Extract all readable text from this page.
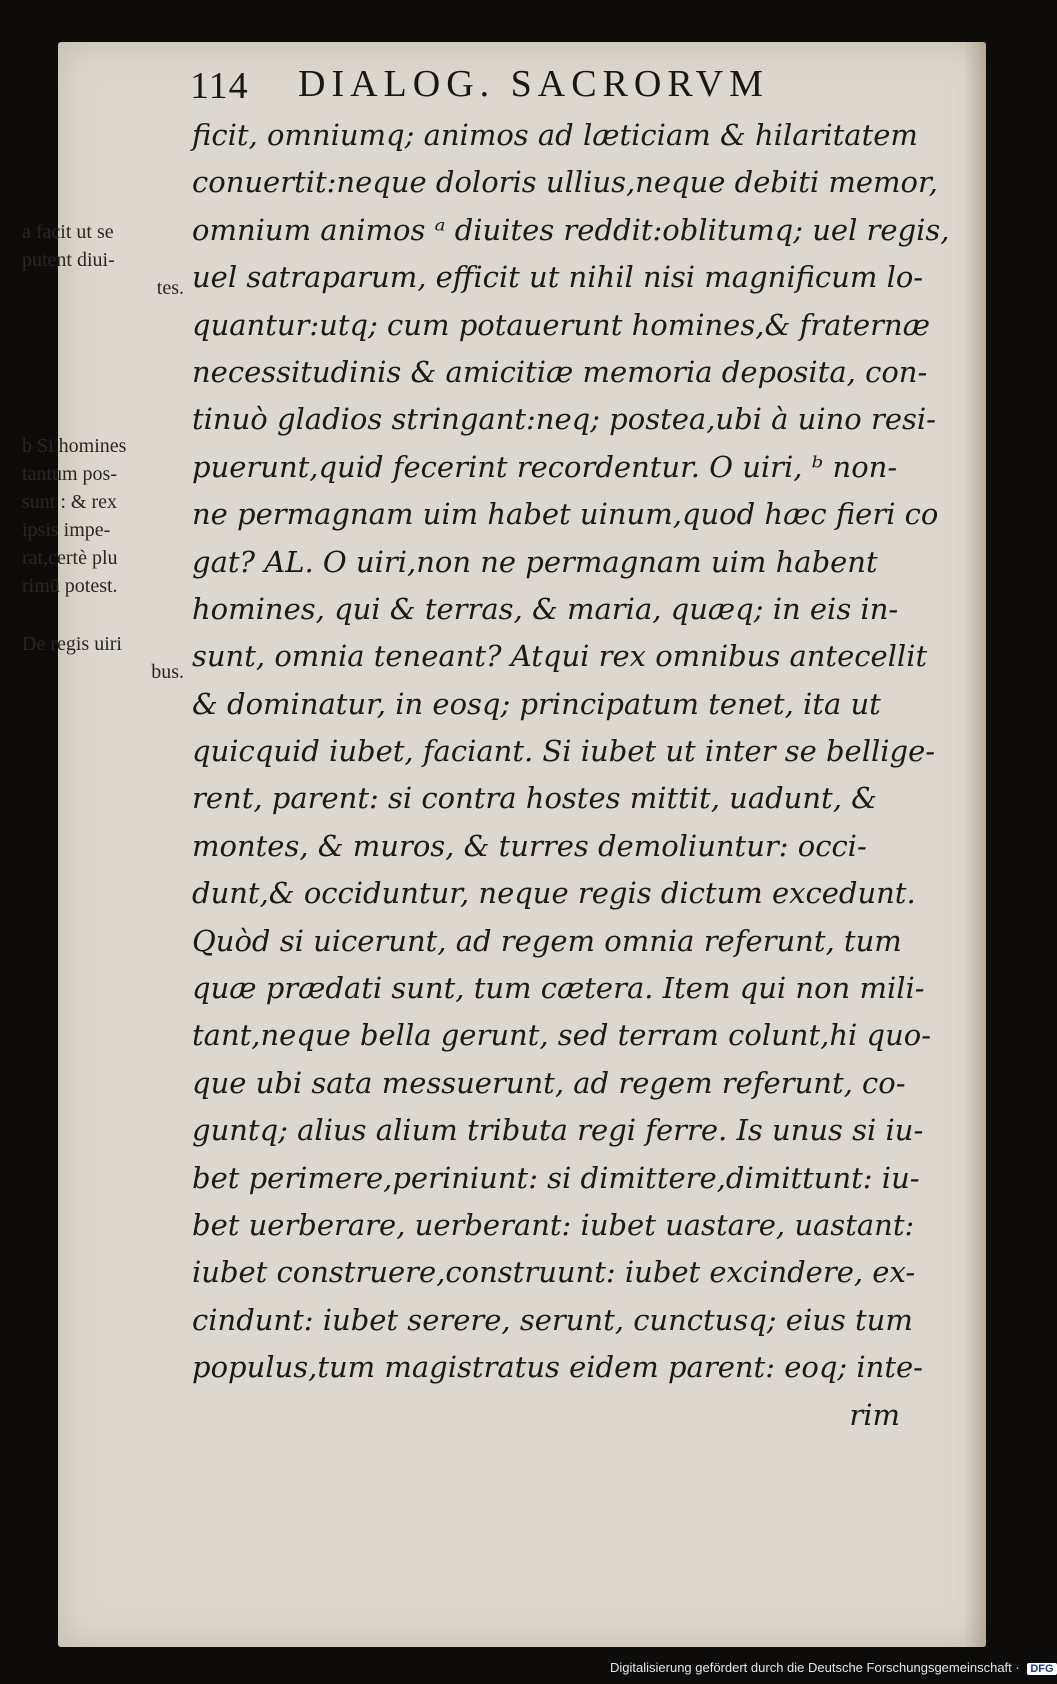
114 DIALOG. SACRORVM
a facit ut se
putent diui-
tes.
b Si homines
tantum pos-
sunt : & rex
ipsis impe-
rat,certè plu
rimū potest.
De regis uiri
bus.
ficit, omniumq; animos ad læticiam & hilaritatem
conuertit:neque doloris ullius,neque debiti memor,
omnium animos ᵃ diuites reddit:oblitumq; uel regis,
uel satraparum, efficit ut nihil nisi magnificum lo-
quantur:utq; cum potauerunt homines,& fraternæ
necessitudinis & amicitiæ memoria deposita, con-
tinuò gladios stringant:neq; postea,ubi à uino resi-
puerunt,quid fecerint recordentur. O uiri, ᵇ non-
ne permagnam uim habet uinum,quod hæc fieri co
gat? AL. O uiri,non ne permagnam uim habent
homines, qui & terras, & maria, quæq; in eis in-
sunt, omnia teneant? Atqui rex omnibus antecellit
& dominatur, in eosq; principatum tenet, ita ut
quicquid iubet, faciant. Si iubet ut inter se bellige-
rent, parent: si contra hostes mittit, uadunt, &
montes, & muros, & turres demoliuntur: occi-
dunt,& occiduntur, neque regis dictum excedunt.
Quòd si uicerunt, ad regem omnia referunt, tum
quæ prædati sunt, tum cætera. Item qui non mili-
tant,neque bella gerunt, sed terram colunt,hi quo-
que ubi sata messuerunt, ad regem referunt, co-
guntq; alius alium tributa regi ferre. Is unus si iu-
bet perimere,periniunt: si dimittere,dimittunt: iu-
bet uerberare, uerberant: iubet uastare, uastant:
iubet construere,construunt: iubet excindere, ex-
cindunt: iubet serere, serunt, cunctusq; eius tum
populus,tum magistratus eidem parent: eoq; inte-
rim
Digitalisierung gefördert durch die Deutsche Forschungsgemeinschaft · DFG
